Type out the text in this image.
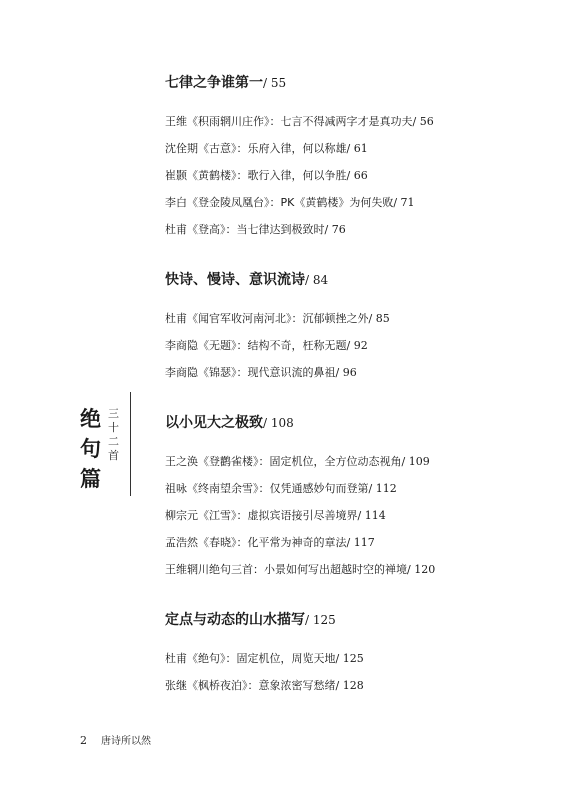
七律之争谁第一/ 55
王维《积雨辋川庄作》：七言不得减两字才是真功夫/ 56
沈佺期《古意》：乐府入律，何以称雄/ 61
崔颢《黄鹤楼》：歌行入律，何以争胜/ 66
李白《登金陵凤凰台》：PK《黄鹤楼》为何失败/ 71
杜甫《登高》：当七律达到极致时/ 76
快诗、慢诗、意识流诗/ 84
杜甫《闻官军收河南河北》：沉郁顿挫之外/ 85
李商隐《无题》：结构不奇，枉称无题/ 92
李商隐《锦瑟》：现代意识流的鼻祖/ 96
以小见大之极致/ 108
王之涣《登鹳雀楼》：固定机位，全方位动态视角/ 109
祖咏《终南望余雪》：仅凭通感妙句而登第/ 112
柳宗元《江雪》：虚拟宾语接引尽善境界/ 114
孟浩然《春晓》：化平常为神奇的章法/ 117
王维辋川绝句三首：小景如何写出超越时空的禅境/ 120
定点与动态的山水描写/ 125
杜甫《绝句》：固定机位，周览天地/ 125
张继《枫桥夜泊》：意象浓密写愁绪/ 128
绝
句
篇
三
十
二
首
2 唐诗所以然
